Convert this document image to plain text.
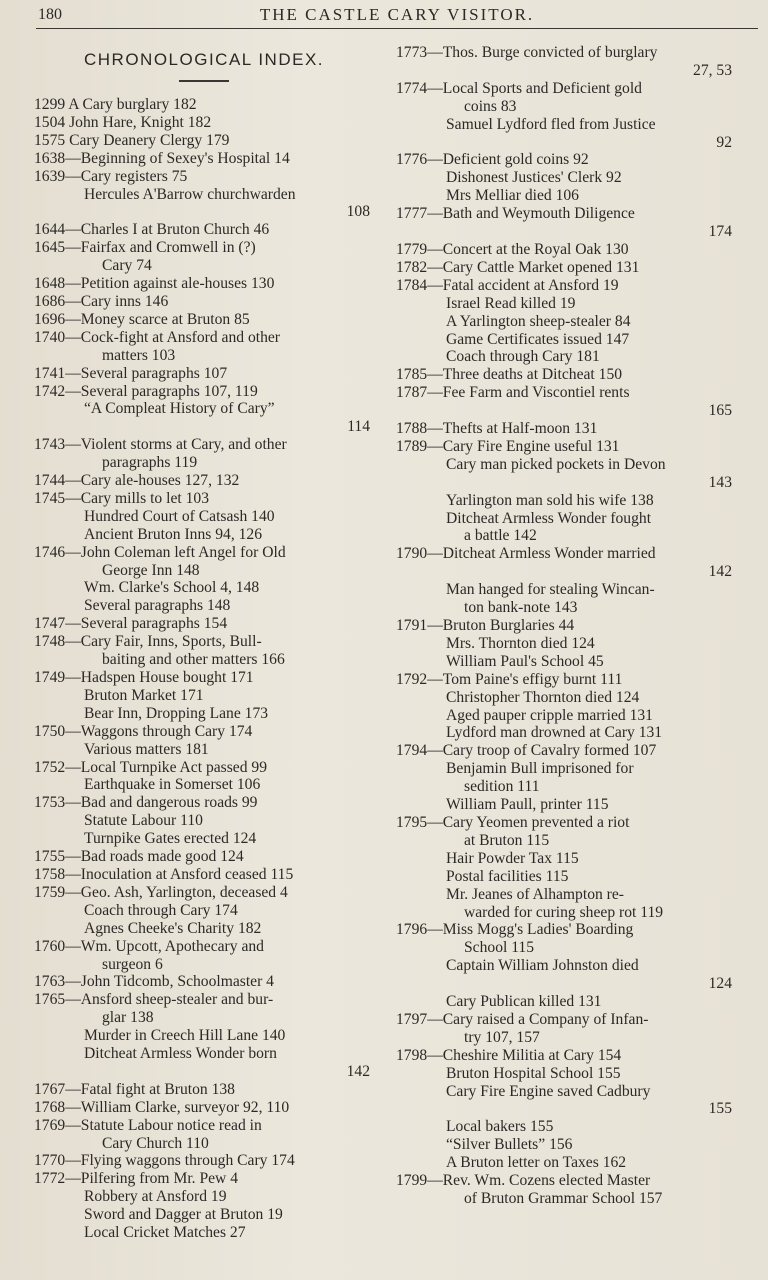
180	THE CASTLE CARY VISITOR.
CHRONOLOGICAL INDEX.
1299 A Cary burglary 182
1504 John Hare, Knight 182
1575 Cary Deanery Clergy 179
1638—Beginning of Sexey's Hospital 14
1639—Cary registers 75
Hercules A'Barrow churchwarden
108
1644—Charles I at Bruton Church 46
1645—Fairfax and Cromwell in (?)
Cary 74
1648—Petition against ale-houses 130
1686—Cary inns 146
1696—Money scarce at Bruton 85
1740—Cock-fight at Ansford and other
matters 103
1741—Several paragraphs 107
1742—Several paragraphs 107, 119
“A Compleat History of Cary”
114
1743—Violent storms at Cary, and other
paragraphs 119
1744—Cary ale-houses 127, 132
1745—Cary mills to let 103
Hundred Court of Catsash 140
Ancient Bruton Inns 94, 126
1746—John Coleman left Angel for Old
George Inn 148
Wm. Clarke's School 4, 148
Several paragraphs 148
1747—Several paragraphs 154
1748—Cary Fair, Inns, Sports, Bull-
baiting and other matters 166
1749—Hadspen House bought 171
Bruton Market 171
Bear Inn, Dropping Lane 173
1750—Waggons through Cary 174
Various matters 181
1752—Local Turnpike Act passed 99
Earthquake in Somerset 106
1753—Bad and dangerous roads 99
Statute Labour 110
Turnpike Gates erected 124
1755—Bad roads made good 124
1758—Inoculation at Ansford ceased 115
1759—Geo. Ash, Yarlington, deceased 4
Coach through Cary 174
Agnes Cheeke's Charity 182
1760—Wm. Upcott, Apothecary and
surgeon 6
1763—John Tidcomb, Schoolmaster 4
1765—Ansford sheep-stealer and bur-
glar 138
Murder in Creech Hill Lane 140
Ditcheat Armless Wonder born
142
1767—Fatal fight at Bruton 138
1768—William Clarke, surveyor 92, 110
1769—Statute Labour notice read in
Cary Church 110
1770—Flying waggons through Cary 174
1772—Pilfering from Mr. Pew 4
Robbery at Ansford 19
Sword and Dagger at Bruton 19
Local Cricket Matches 27
1773—Thos. Burge convicted of burglary
27, 53
1774—Local Sports and Deficient gold
coins 83
Samuel Lydford fled from Justice
92
1776—Deficient gold coins 92
Dishonest Justices' Clerk 92
Mrs Melliar died 106
1777—Bath and Weymouth Diligence
174
1779—Concert at the Royal Oak 130
1782—Cary Cattle Market opened 131
1784—Fatal accident at Ansford 19
Israel Read killed 19
A Yarlington sheep-stealer 84
Game Certificates issued 147
Coach through Cary 181
1785—Three deaths at Ditcheat 150
1787—Fee Farm and Viscontiel rents
165
1788—Thefts at Half-moon 131
1789—Cary Fire Engine useful 131
Cary man picked pockets in Devon
143
Yarlington man sold his wife 138
Ditcheat Armless Wonder fought
a battle 142
1790—Ditcheat Armless Wonder married
142
Man hanged for stealing Wincan-
ton bank-note 143
1791—Bruton Burglaries 44
Mrs. Thornton died 124
William Paul's School 45
1792—Tom Paine's effigy burnt 111
Christopher Thornton died 124
Aged pauper cripple married 131
Lydford man drowned at Cary 131
1794—Cary troop of Cavalry formed 107
Benjamin Bull imprisoned for
sedition 111
William Paull, printer 115
1795—Cary Yeomen prevented a riot
at Bruton 115
Hair Powder Tax 115
Postal facilities 115
Mr. Jeanes of Alhampton re-
warded for curing sheep rot 119
1796—Miss Mogg's Ladies' Boarding
School 115
Captain William Johnston died
124
Cary Publican killed 131
1797—Cary raised a Company of Infan-
try 107, 157
1798—Cheshire Militia at Cary 154
Bruton Hospital School 155
Cary Fire Engine saved Cadbury
155
Local bakers 155
“Silver Bullets” 156
A Bruton letter on Taxes 162
1799—Rev. Wm. Cozens elected Master
of Bruton Grammar School 157
